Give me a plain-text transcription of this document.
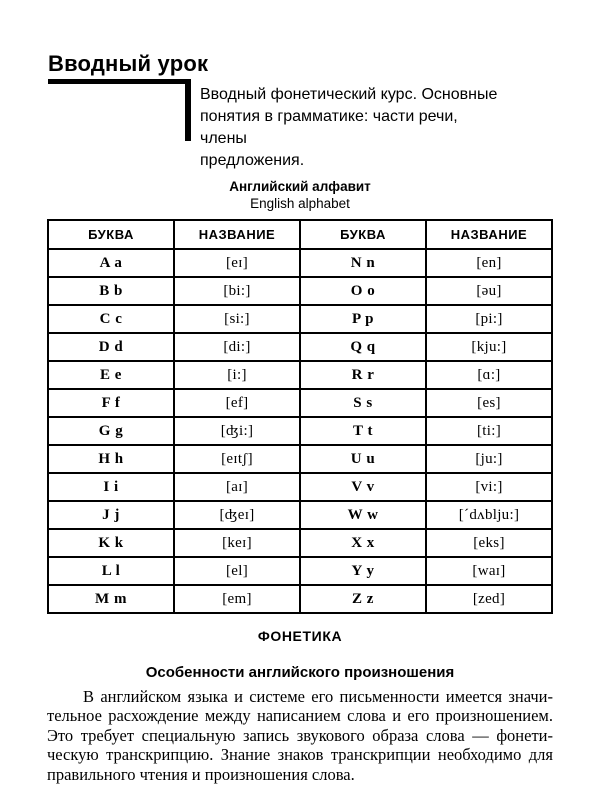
Вводный урок
Вводный фонетический курс. Основные
понятия в грамматике: части речи, члены
предложения.
Английский алфавит
English alphabet
БУКВА	НАЗВАНИЕ	БУКВА	НАЗВАНИЕ
A a	[eɪ]	N n	[en]
B b	[bi:]	O o	[əu]
C c	[si:]	P p	[pi:]
D d	[di:]	Q q	[kju:]
E e	[i:]	R r	[ɑ:]
F f	[ef]	S s	[es]
G g	[ʤi:]	T t	[ti:]
H h	[eɪtʃ]	U u	[ju:]
I i	[aɪ]	V v	[vi:]
J j	[ʤeɪ]	W w	[´dʌblju:]
K k	[keɪ]	X x	[eks]
L l	[el]	Y y	[waɪ]
M m	[em]	Z z	[zed]
ФОНЕТИКА
Особенности английского произношения
В английском языка и системе его письменности имеется значи-
тельное расхождение между написанием слова и его произношением.
Это требует специальную запись звукового образа слова — фонети-
ческую транскрипцию. Знание знаков транскрипции необходимо для
правильного чтения и произношения слова.
